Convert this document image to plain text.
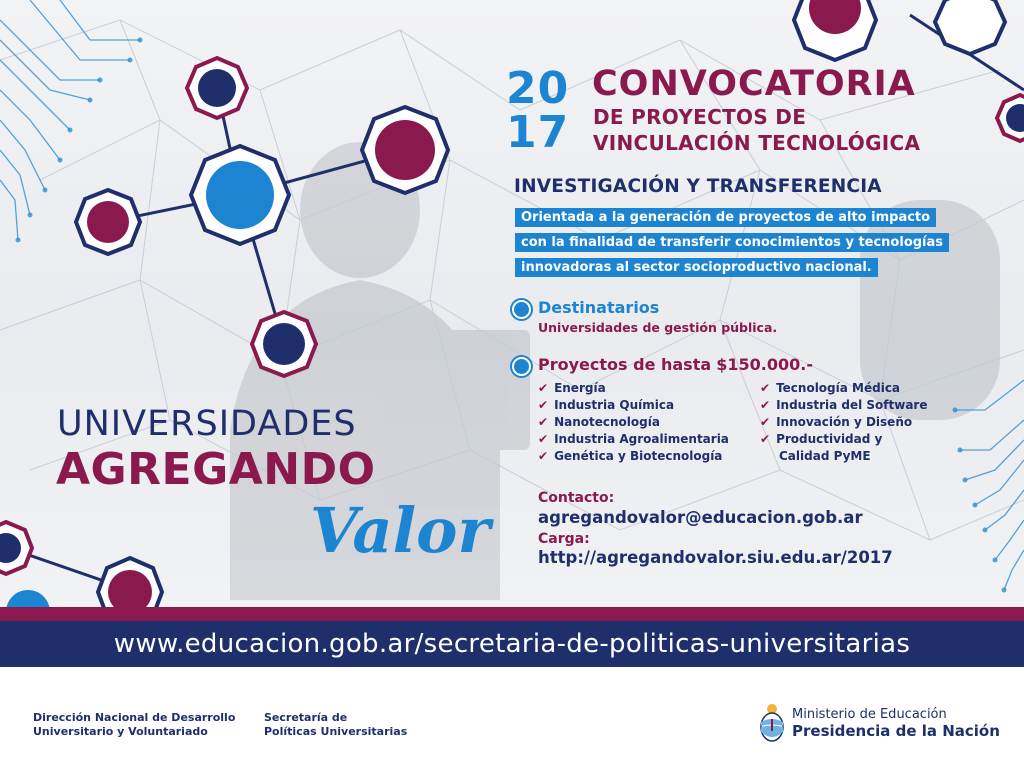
20
17
CONVOCATORIA
DE PROYECTOS DE
VINCULACIÓN TECNOLÓGICA
INVESTIGACIÓN Y TRANSFERENCIA
Orientada a la generación de proyectos de alto impacto
con la finalidad de transferir conocimientos y tecnologías
innovadoras al sector socioproductivo nacional.
Destinatarios
Universidades de gestión pública.
Proyectos de hasta $150.000.-
✔ Energía
✔ Industria Química
✔ Nanotecnología
✔ Industria Agroalimentaria
✔ Genética y Biotecnología
✔ Tecnología Médica
✔ Industria del Software
✔ Innovación y Diseño
✔ Productividad y
Calidad PyME
Contacto:
agregandovalor@educacion.gob.ar
Carga:
http://agregandovalor.siu.edu.ar/2017
UNIVERSIDADES
AGREGANDO
Valor
www.educacion.gob.ar/secretaria-de-politicas-universitarias
Dirección Nacional de Desarrollo
Universitario y Voluntariado
Secretaría de
Políticas Universitarias
Ministerio de Educación
Presidencia de la Nación
